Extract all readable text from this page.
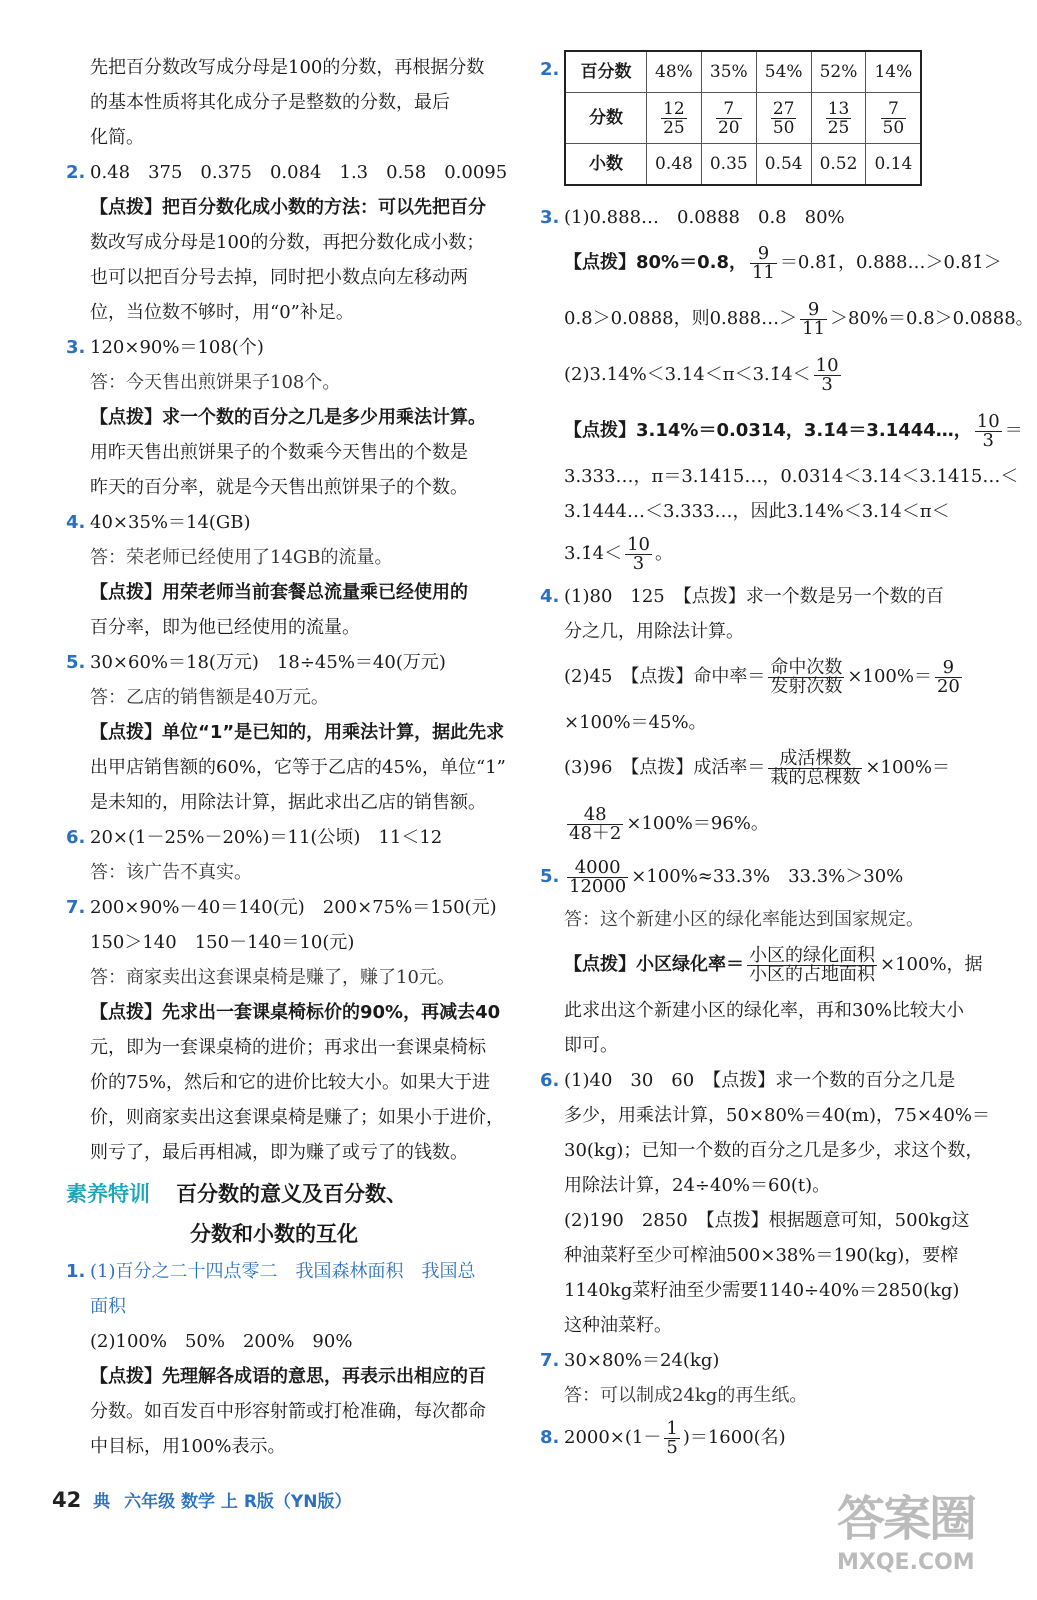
先把百分数改写成分母是100的分数，再根据分数
的基本性质将其化成分子是整数的分数，最后
化简。
2. 0.48　375　0.375　0.084　1.3　0.58　0.0095
【点拨】把百分数化成小数的方法：可以先把百分
数改写成分母是100的分数，再把分数化成小数；
也可以把百分号去掉，同时把小数点向左移动两
位，当位数不够时，用“0”补足。
3. 120×90%＝108(个)
答：今天售出煎饼果子108个。
【点拨】求一个数的百分之几是多少用乘法计算。
用昨天售出煎饼果子的个数乘今天售出的个数是
昨天的百分率，就是今天售出煎饼果子的个数。
4. 40×35%＝14(GB)
答：荣老师已经使用了14GB的流量。
【点拨】用荣老师当前套餐总流量乘已经使用的
百分率，即为他已经使用的流量。
5. 30×60%＝18(万元)　18÷45%＝40(万元)
答：乙店的销售额是40万元。
【点拨】单位“1”是已知的，用乘法计算，据此先求
出甲店销售额的60%，它等于乙店的45%，单位“1”
是未知的，用除法计算，据此求出乙店的销售额。
6. 20×(1－25%－20%)＝11(公顷)　11＜12
答：该广告不真实。
7. 200×90%－40＝140(元)　200×75%＝150(元)
150＞140　150－140＝10(元)
答：商家卖出这套课桌椅是赚了，赚了10元。
【点拨】先求出一套课桌椅标价的90%，再减去40
元，即为一套课桌椅的进价；再求出一套课桌椅标
价的75%，然后和它的进价比较大小。如果大于进
价，则商家卖出这套课桌椅是赚了；如果小于进价，
则亏了，最后再相减，即为赚了或亏了的钱数。
素养特训 百分数的意义及百分数、
分数和小数的互化
1. (1)百分之二十四点零二　我国森林面积　我国总
面积
(2)100%　50%　200%　90%
【点拨】先理解各成语的意思，再表示出相应的百
分数。如百发百中形容射箭或打枪准确，每次都命
中目标，用100%表示。
2. 百分数	48%	35%	54%	52%	14%
分数	$\frac{12}{25}$	$\frac{7}{20}$	$\frac{27}{50}$	$\frac{13}{25}$	$\frac{7}{50}$

小数	0.48	0.35	0.54	0.52	0.14
3. (1)0.888…　0.0888　0.8　80%
【点拨】80%＝0.8， $\frac{9}{11}$ ＝0.8̇1̇，0.888…＞0.8̇1̇＞
0.8＞0.0888，则0.888…＞ $\frac{9}{11} >80\%=0.8>0.0888$。
(2)3.14%＜3.14＜π＜3.1̇4̇＜ $\frac{10}{3}$
【点拨】3.14%＝0.0314，3.1̇4̇＝3.1444…， $\frac{10}{3}$ ＝
3.333…，π＝3.1415…，0.0314＜3.14＜3.1415…＜
3.1444…＜3.333…，因此3.14%＜3.14＜π＜
3.1̇4̇＜ $\frac{10}{3}$ 。
4. (1)80　125　【点拨】求一个数是另一个数的百
分之几，用除法计算。
(2)45　【点拨】命中率＝ $\frac{\text{命中次数}}{\text{发射次数}} \times 100\%= \frac{9}{20}$
×100%＝45%。
(3)96　【点拨】成活率＝ $\frac{\text{成活棵数}}{\text{栽的总棵数}} \times 100\%=$
$\frac{48}{48+2} \times 100\%=96\%$。
5. $\frac{4000}{12000} \times 100\%\approx 33.3\%$　33.3%＞30%
答：这个新建小区的绿化率能达到国家规定。
【点拨】小区绿化率＝ $\frac{\text{小区的绿化面积}}{\text{小区的占地面积}} \times 100\%$，据
此求出这个新建小区的绿化率，再和30%比较大小
即可。
6. (1)40　30　60　【点拨】求一个数的百分之几是
多少，用乘法计算，50×80%＝40(m)，75×40%＝
30(kg)；已知一个数的百分之几是多少，求这个数，
用除法计算，24÷40%＝60(t)。
(2)190　2850　【点拨】根据题意可知，500kg这
种油菜籽至少可榨油500×38%＝190(kg)，要榨
1140kg菜籽油至少需要1140÷40%＝2850(kg)
这种油菜籽。
7. 30×80%＝24(kg)
答：可以制成24kg的再生纸。
8. $2000\times(1- \frac{1}{5} )=1600$(名)
42 典 六年级 数学 上 R版（YN版）	答案圈
MXQE.COM
